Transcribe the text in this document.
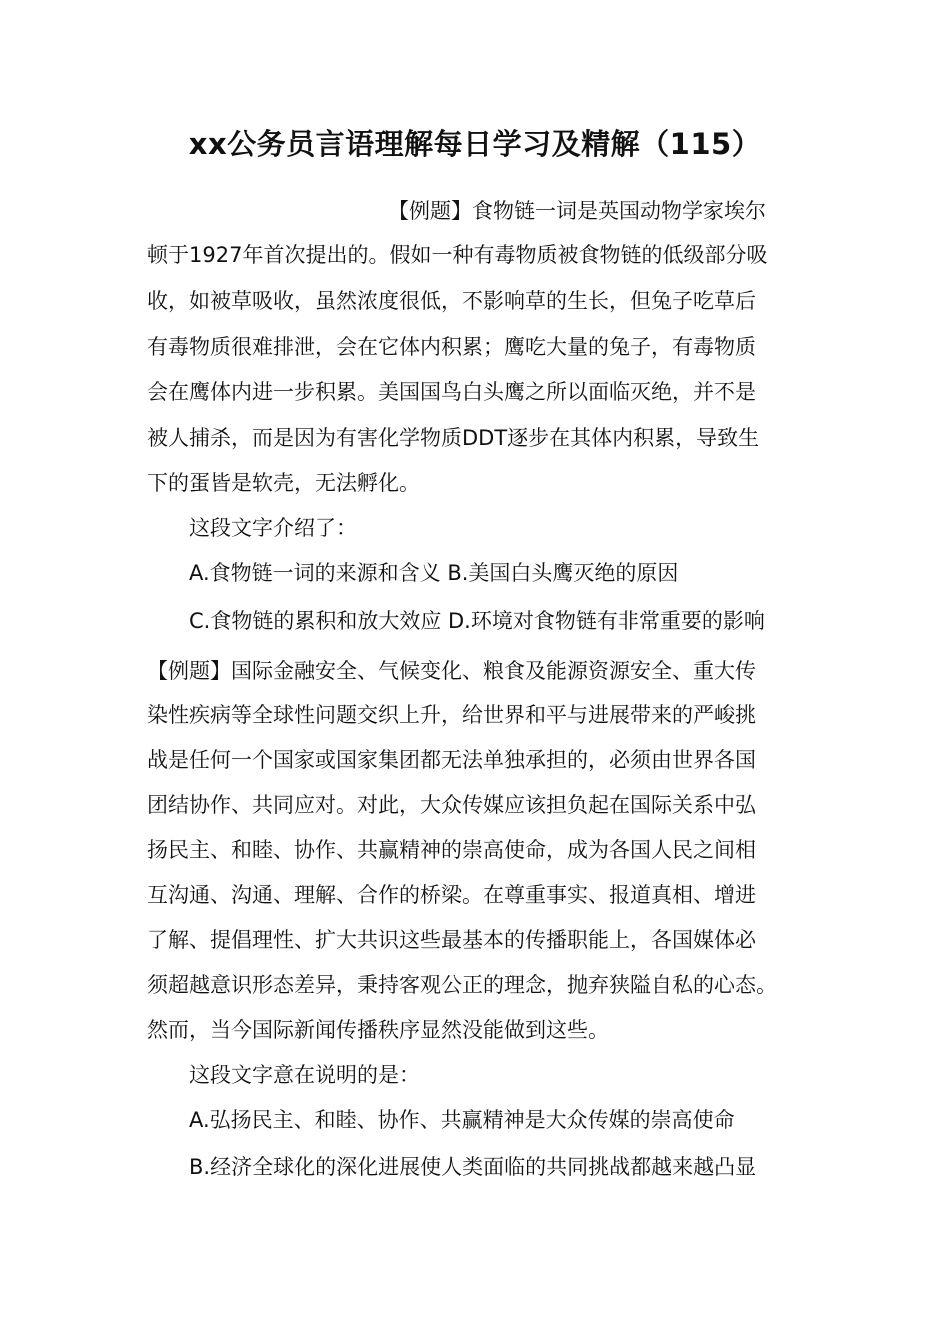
xx公务员言语理解每日学习及精解（115）
【例题】食物链一词是英国动物学家埃尔
顿于1927年首次提出的。假如一种有毒物质被食物链的低级部分吸
收，如被草吸收，虽然浓度很低，不影响草的生长，但兔子吃草后
有毒物质很难排泄，会在它体内积累；鹰吃大量的兔子，有毒物质
会在鹰体内进一步积累。美国国鸟白头鹰之所以面临灭绝，并不是
被人捕杀，而是因为有害化学物质DDT逐步在其体内积累，导致生
下的蛋皆是软壳，无法孵化。
这段文字介绍了：
A.食物链一词的来源和含义 B.美国白头鹰灭绝的原因
C.食物链的累积和放大效应 D.环境对食物链有非常重要的影响
【例题】国际金融安全、气候变化、粮食及能源资源安全、重大传
染性疾病等全球性问题交织上升，给世界和平与进展带来的严峻挑
战是任何一个国家或国家集团都无法单独承担的，必须由世界各国
团结协作、共同应对。对此，大众传媒应该担负起在国际关系中弘
扬民主、和睦、协作、共赢精神的崇高使命，成为各国人民之间相
互沟通、沟通、理解、合作的桥梁。在尊重事实、报道真相、增进
了解、提倡理性、扩大共识这些最基本的传播职能上，各国媒体必
须超越意识形态差异，秉持客观公正的理念，抛弃狭隘自私的心态。
然而，当今国际新闻传播秩序显然没能做到这些。
这段文字意在说明的是：
A.弘扬民主、和睦、协作、共赢精神是大众传媒的崇高使命
B.经济全球化的深化进展使人类面临的共同挑战都越来越凸显
